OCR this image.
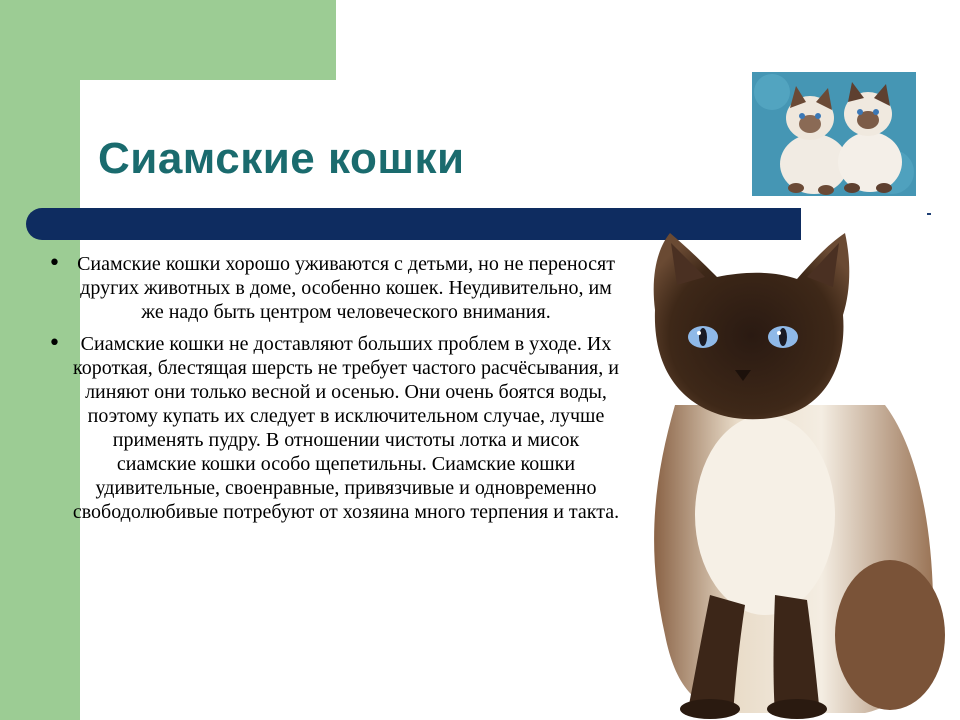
Сиамские кошки
• Сиамские кошки хорошо уживаются с детьми, но не переносят других животных в доме, особенно кошек. Неудивительно, им же надо быть центром человеческого внимания.
• Сиамские кошки не доставляют больших проблем в уходе. Их короткая, блестящая шерсть не требует частого расчёсывания, и линяют они только весной и осенью. Они очень боятся воды, поэтому купать их следует в исключительном случае, лучше применять пудру. В отношении чистоты лотка и мисок сиамские кошки особо щепетильны. Сиамские кошки удивительные, своенравные, привязчивые и одновременно свободолюбивые потребуют от хозяина много терпения и такта.
